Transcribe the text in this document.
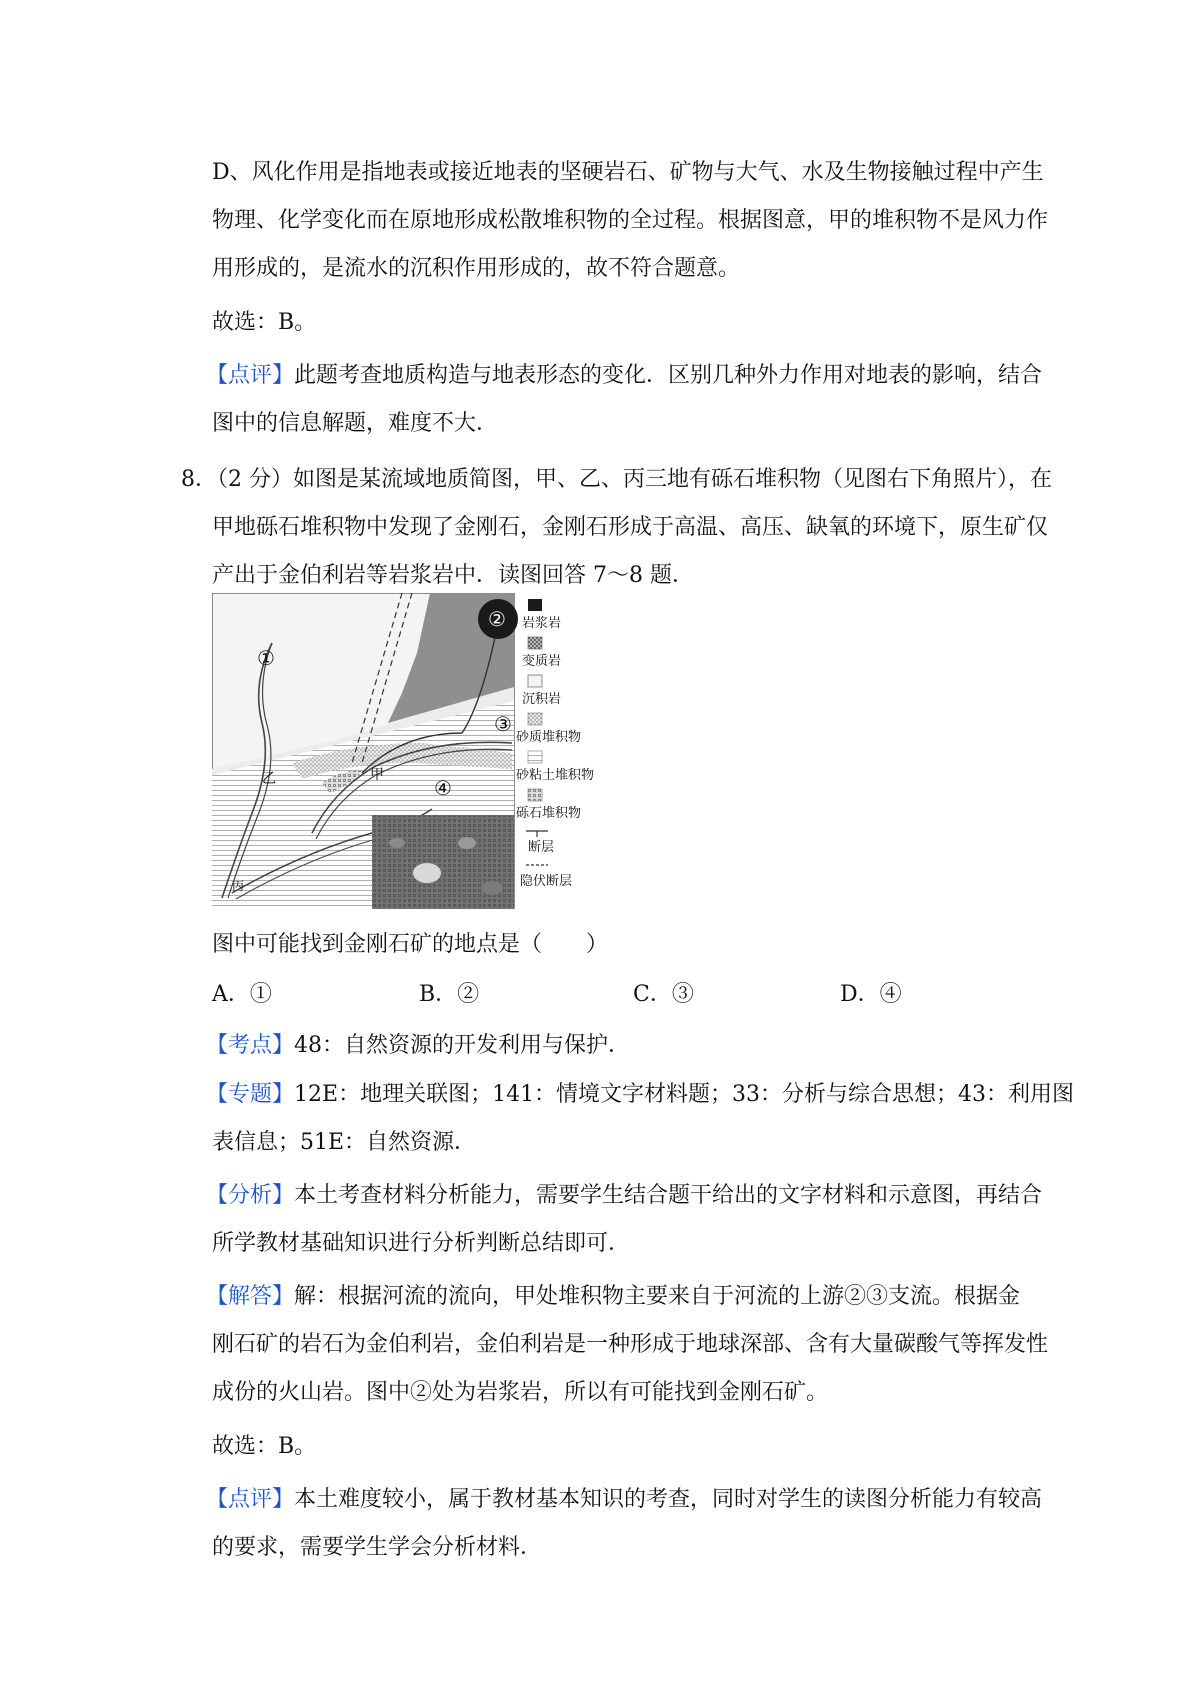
D、风化作用是指地表或接近地表的坚硬岩石、矿物与大气、水及生物接触过程中产生
物理、化学变化而在原地形成松散堆积物的全过程。根据图意，甲的堆积物不是风力作
用形成的，是流水的沉积作用形成的，故不符合题意。
故选：B。
【点评】此题考查地质构造与地表形态的变化．区别几种外力作用对地表的影响，结合
图中的信息解题，难度不大．
8．（2 分）如图是某流域地质简图，甲、乙、丙三地有砾石堆积物（见图右下角照片），在
甲地砾石堆积物中发现了金刚石，金刚石形成于高温、高压、缺氧的环境下，原生矿仅
产出于金伯利岩等岩浆岩中．读图回答 7～8 题．
①
②
③
④
甲
乙
丙
岩浆岩
变质岩
沉积岩
砂质堆积物
砂粘土堆积物
砾石堆积物
断层
隐伏断层
图中可能找到金刚石矿的地点是（　　）
A．①	B．②	C．③	D．④
【考点】48：自然资源的开发利用与保护．
【专题】12E：地理关联图；141：情境文字材料题；33：分析与综合思想；43：利用图
表信息；51E：自然资源．
【分析】本土考查材料分析能力，需要学生结合题干给出的文字材料和示意图，再结合
所学教材基础知识进行分析判断总结即可．
【解答】解：根据河流的流向，甲处堆积物主要来自于河流的上游②③支流。根据金
刚石矿的岩石为金伯利岩，金伯利岩是一种形成于地球深部、含有大量碳酸气等挥发性
成份的火山岩。图中②处为岩浆岩，所以有可能找到金刚石矿。
故选：B。
【点评】本土难度较小，属于教材基本知识的考查，同时对学生的读图分析能力有较高
的要求，需要学生学会分析材料．
